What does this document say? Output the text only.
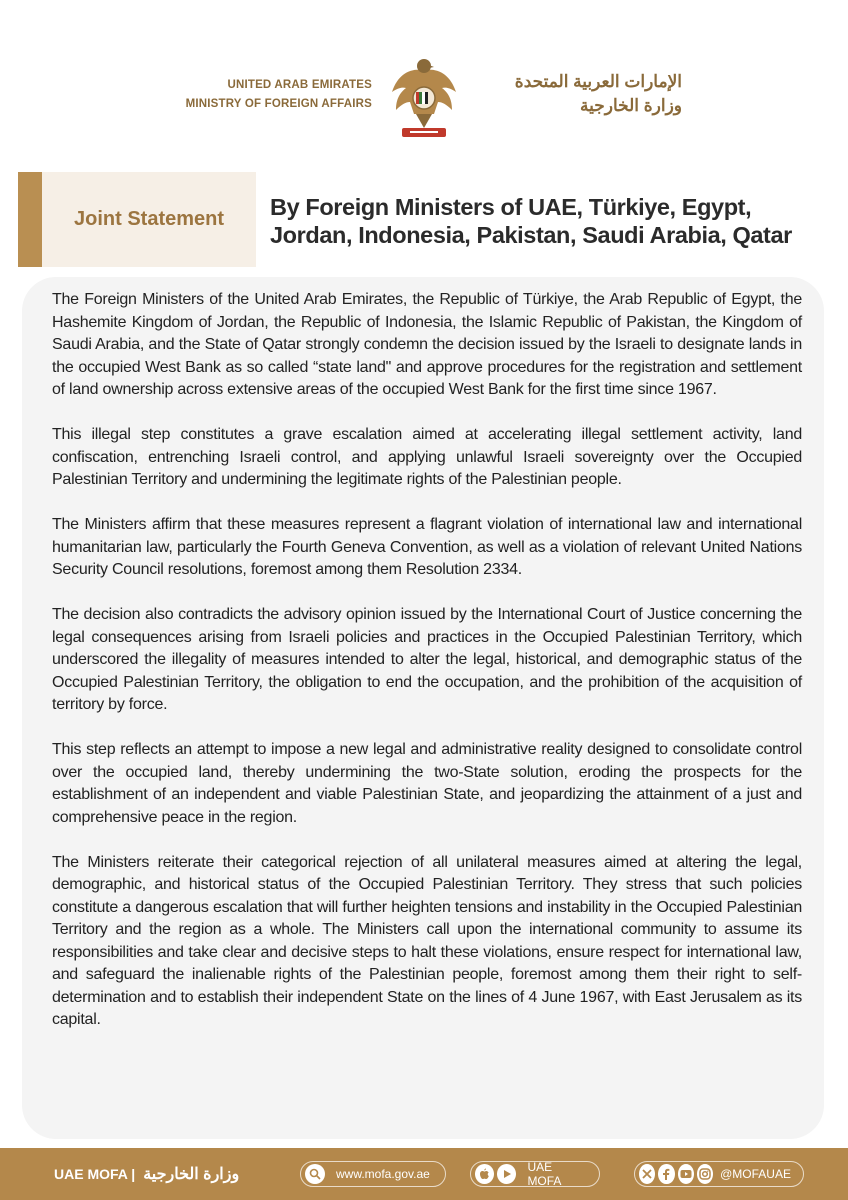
UNITED ARAB EMIRATES
MINISTRY OF FOREIGN AFFAIRS
الإمارات العربية المتحدة
وزارة الخارجية
Joint Statement	By Foreign Ministers of UAE, Türkiye, Egypt,
Jordan, Indonesia, Pakistan, Saudi Arabia, Qatar

The Foreign Ministers of the United Arab Emirates, the Republic of Türkiye, the Arab Republic of Egypt, the Hashemite Kingdom of Jordan, the Republic of Indonesia, the Islamic Republic of Pakistan, the Kingdom of Saudi Arabia, and the State of Qatar strongly condemn the decision issued by the Israeli to designate lands in the occupied West Bank as so called “state land" and approve procedures for the registration and settlement of land ownership across extensive areas of the occupied West Bank for the first time since 1967.

This illegal step constitutes a grave escalation aimed at accelerating illegal settlement activity, land confiscation, entrenching Israeli control, and applying unlawful Israeli sovereignty over the Occupied Palestinian Territory and undermining the legitimate rights of the Palestinian people.

The Ministers affirm that these measures represent a flagrant violation of international law and international humanitarian law, particularly the Fourth Geneva Convention, as well as a violation of relevant United Nations Security Council resolutions, foremost among them Resolution 2334.

The decision also contradicts the advisory opinion issued by the International Court of Justice concerning the legal consequences arising from Israeli policies and practices in the Occupied Palestinian Territory, which underscored the illegality of measures intended to alter the legal, historical, and demographic status of the Occupied Palestinian Territory, the obligation to end the occupation, and the prohibition of the acquisition of territory by force.

This step reflects an attempt to impose a new legal and administrative reality designed to consolidate control over the occupied land, thereby undermining the two-State solution, eroding the prospects for the establishment of an independent and viable Palestinian State, and jeopardizing the attainment of a just and comprehensive peace in the region.

The Ministers reiterate their categorical rejection of all unilateral measures aimed at altering the legal, demographic, and historical status of the Occupied Palestinian Territory. They stress that such policies constitute a dangerous escalation that will further heighten tensions and instability in the Occupied Palestinian Territory and the region as a whole. The Ministers call upon the international community to assume its responsibilities and take clear and decisive steps to halt these violations, ensure respect for international law, and safeguard the inalienable rights of the Palestinian people, foremost among them their right to self-determination and to establish their independent State on the lines of 4 June 1967, with East Jerusalem as its capital.

UAE MOFA | وزارة الخارجية	www.mofa.gov.ae	UAE MOFA	@MOFAUAE
